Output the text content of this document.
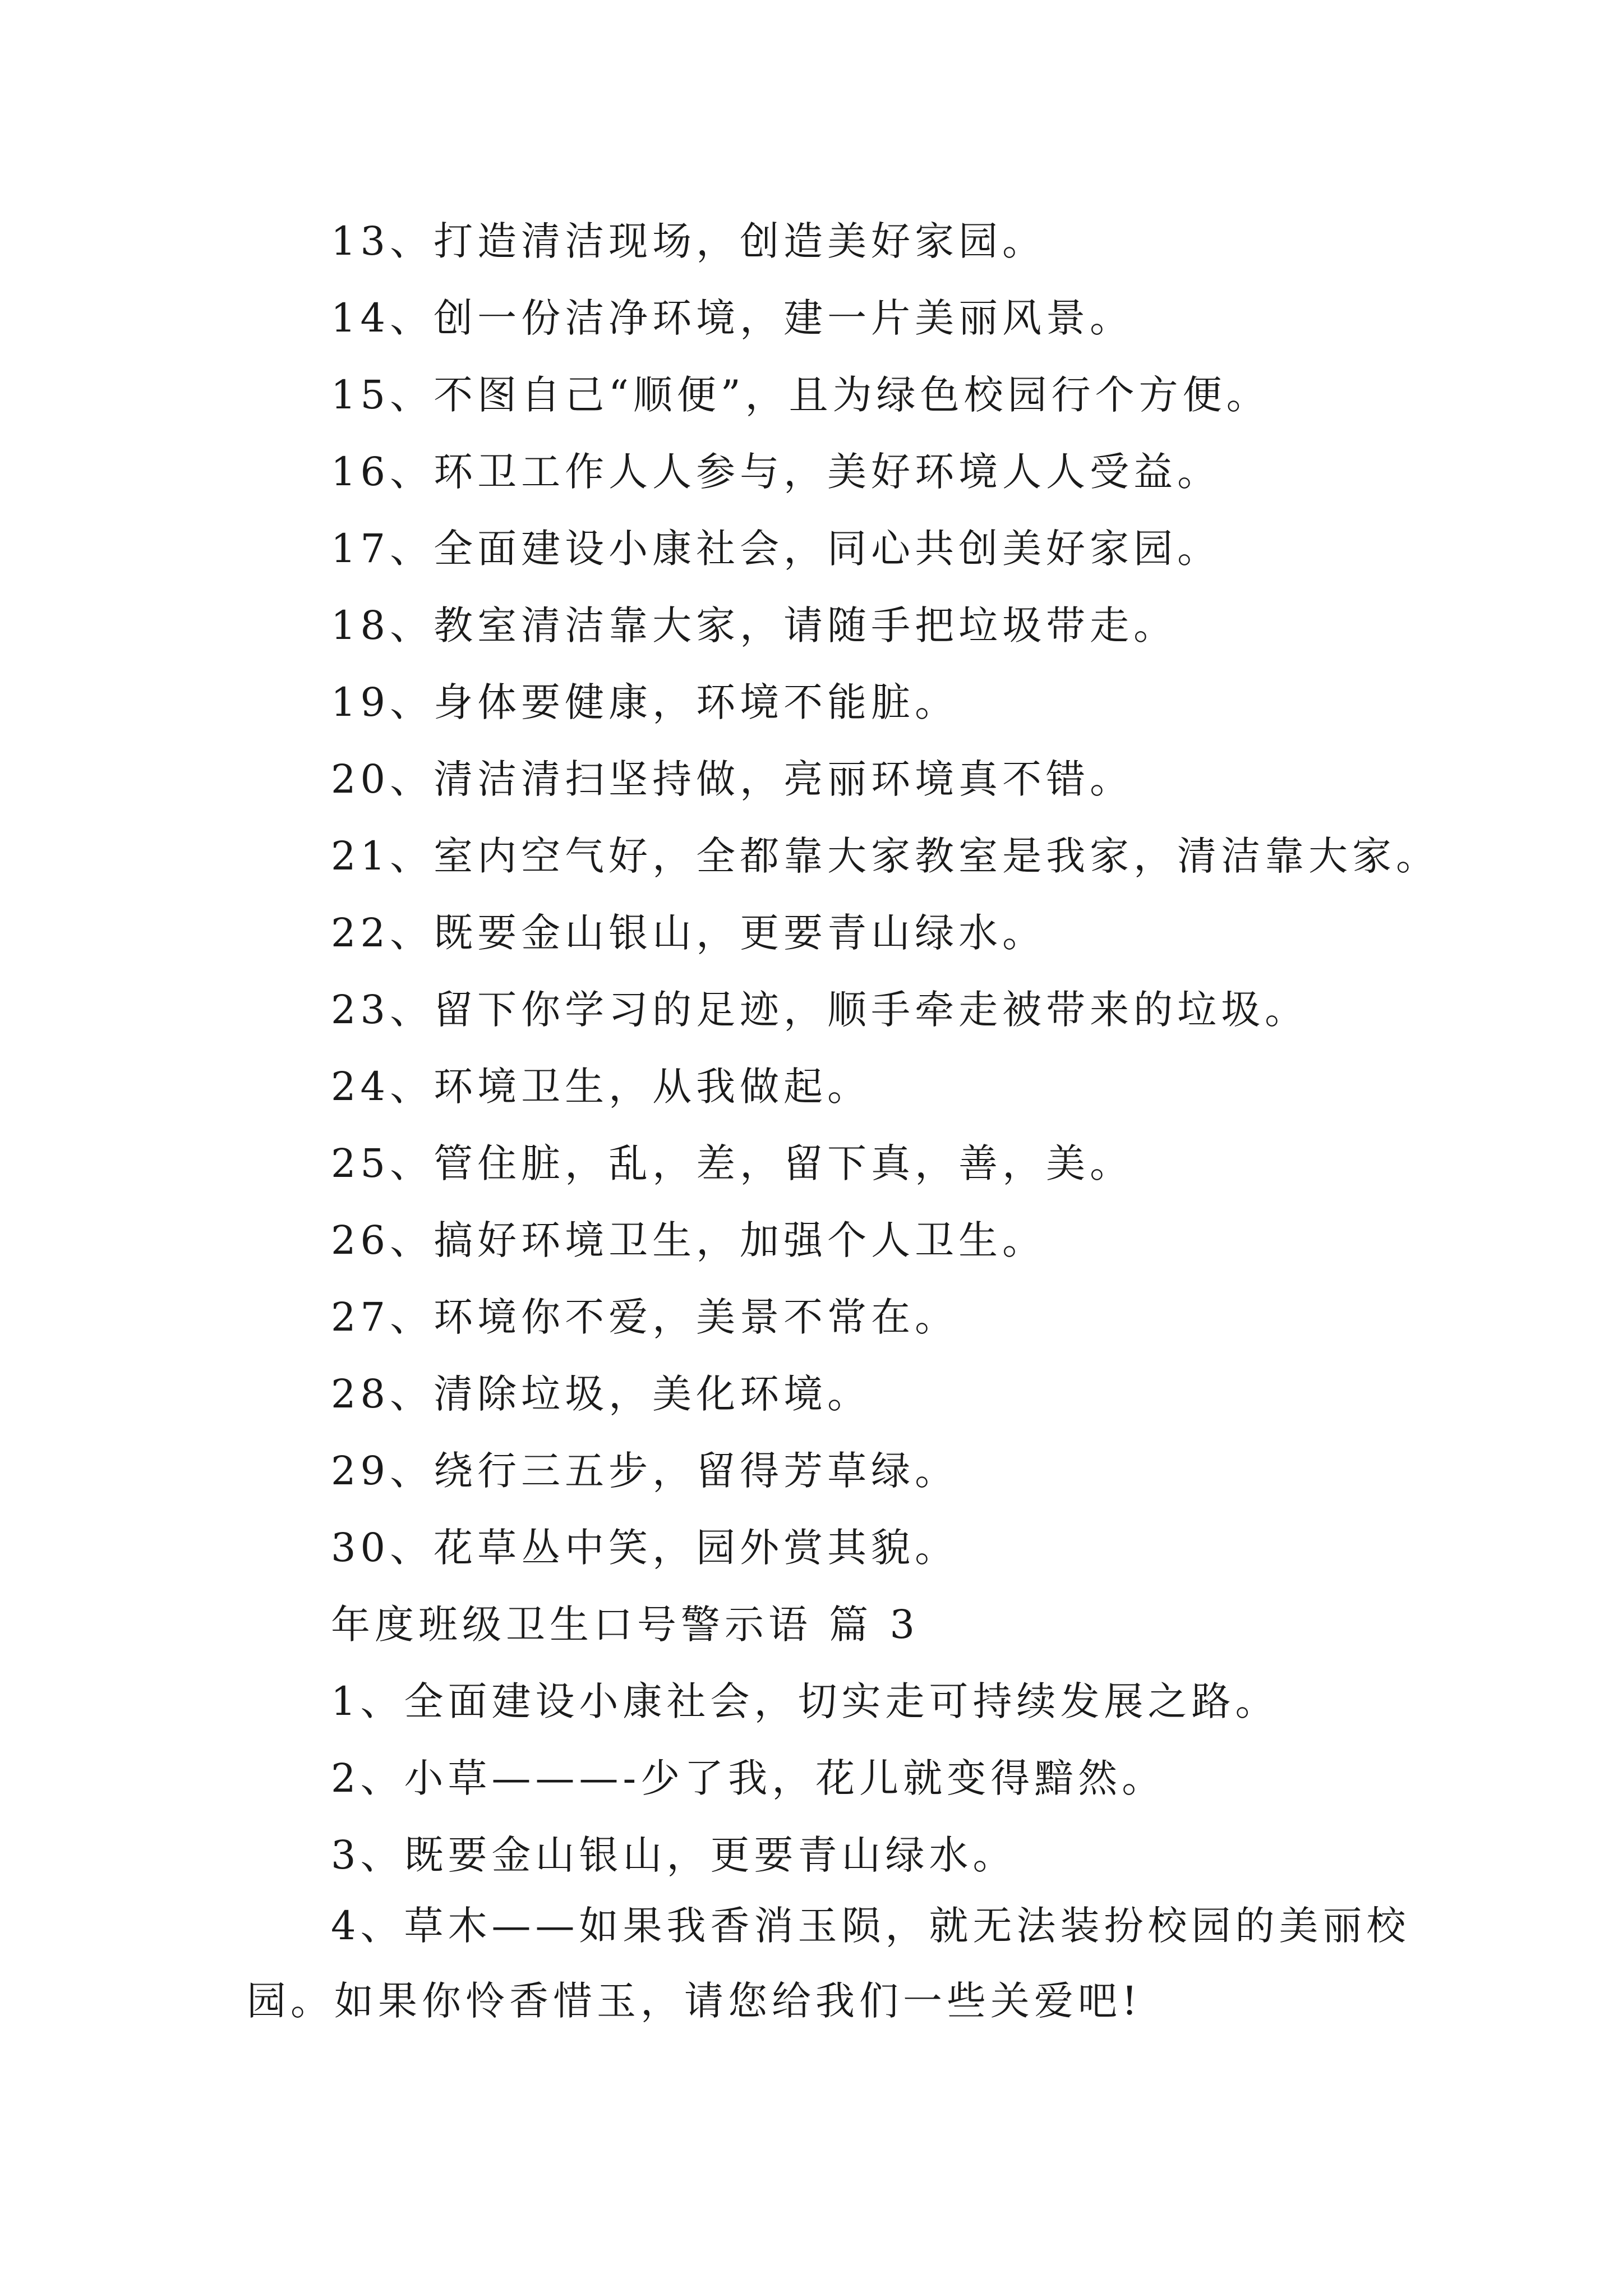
13、打造清洁现场，创造美好家园。
14、创一份洁净环境，建一片美丽风景。
15、不图自己“顺便”，且为绿色校园行个方便。
16、环卫工作人人参与，美好环境人人受益。
17、全面建设小康社会，同心共创美好家园。
18、教室清洁靠大家，请随手把垃圾带走。
19、身体要健康，环境不能脏。
20、清洁清扫坚持做，亮丽环境真不错。
21、室内空气好，全都靠大家教室是我家，清洁靠大家。
22、既要金山银山，更要青山绿水。
23、留下你学习的足迹，顺手牵走被带来的垃圾。
24、环境卫生，从我做起。
25、管住脏，乱，差，留下真，善，美。
26、搞好环境卫生，加强个人卫生。
27、环境你不爱，美景不常在。
28、清除垃圾，美化环境。
29、绕行三五步，留得芳草绿。
30、花草丛中笑，园外赏其貌。
年度班级卫生口号警示语 篇 3
1、全面建设小康社会，切实走可持续发展之路。
2、小草———-少了我，花儿就变得黯然。
3、既要金山银山，更要青山绿水。
4、草木——如果我香消玉陨，就无法装扮校园的美丽校园。如果你怜香惜玉，请您给我们一些关爱吧!
